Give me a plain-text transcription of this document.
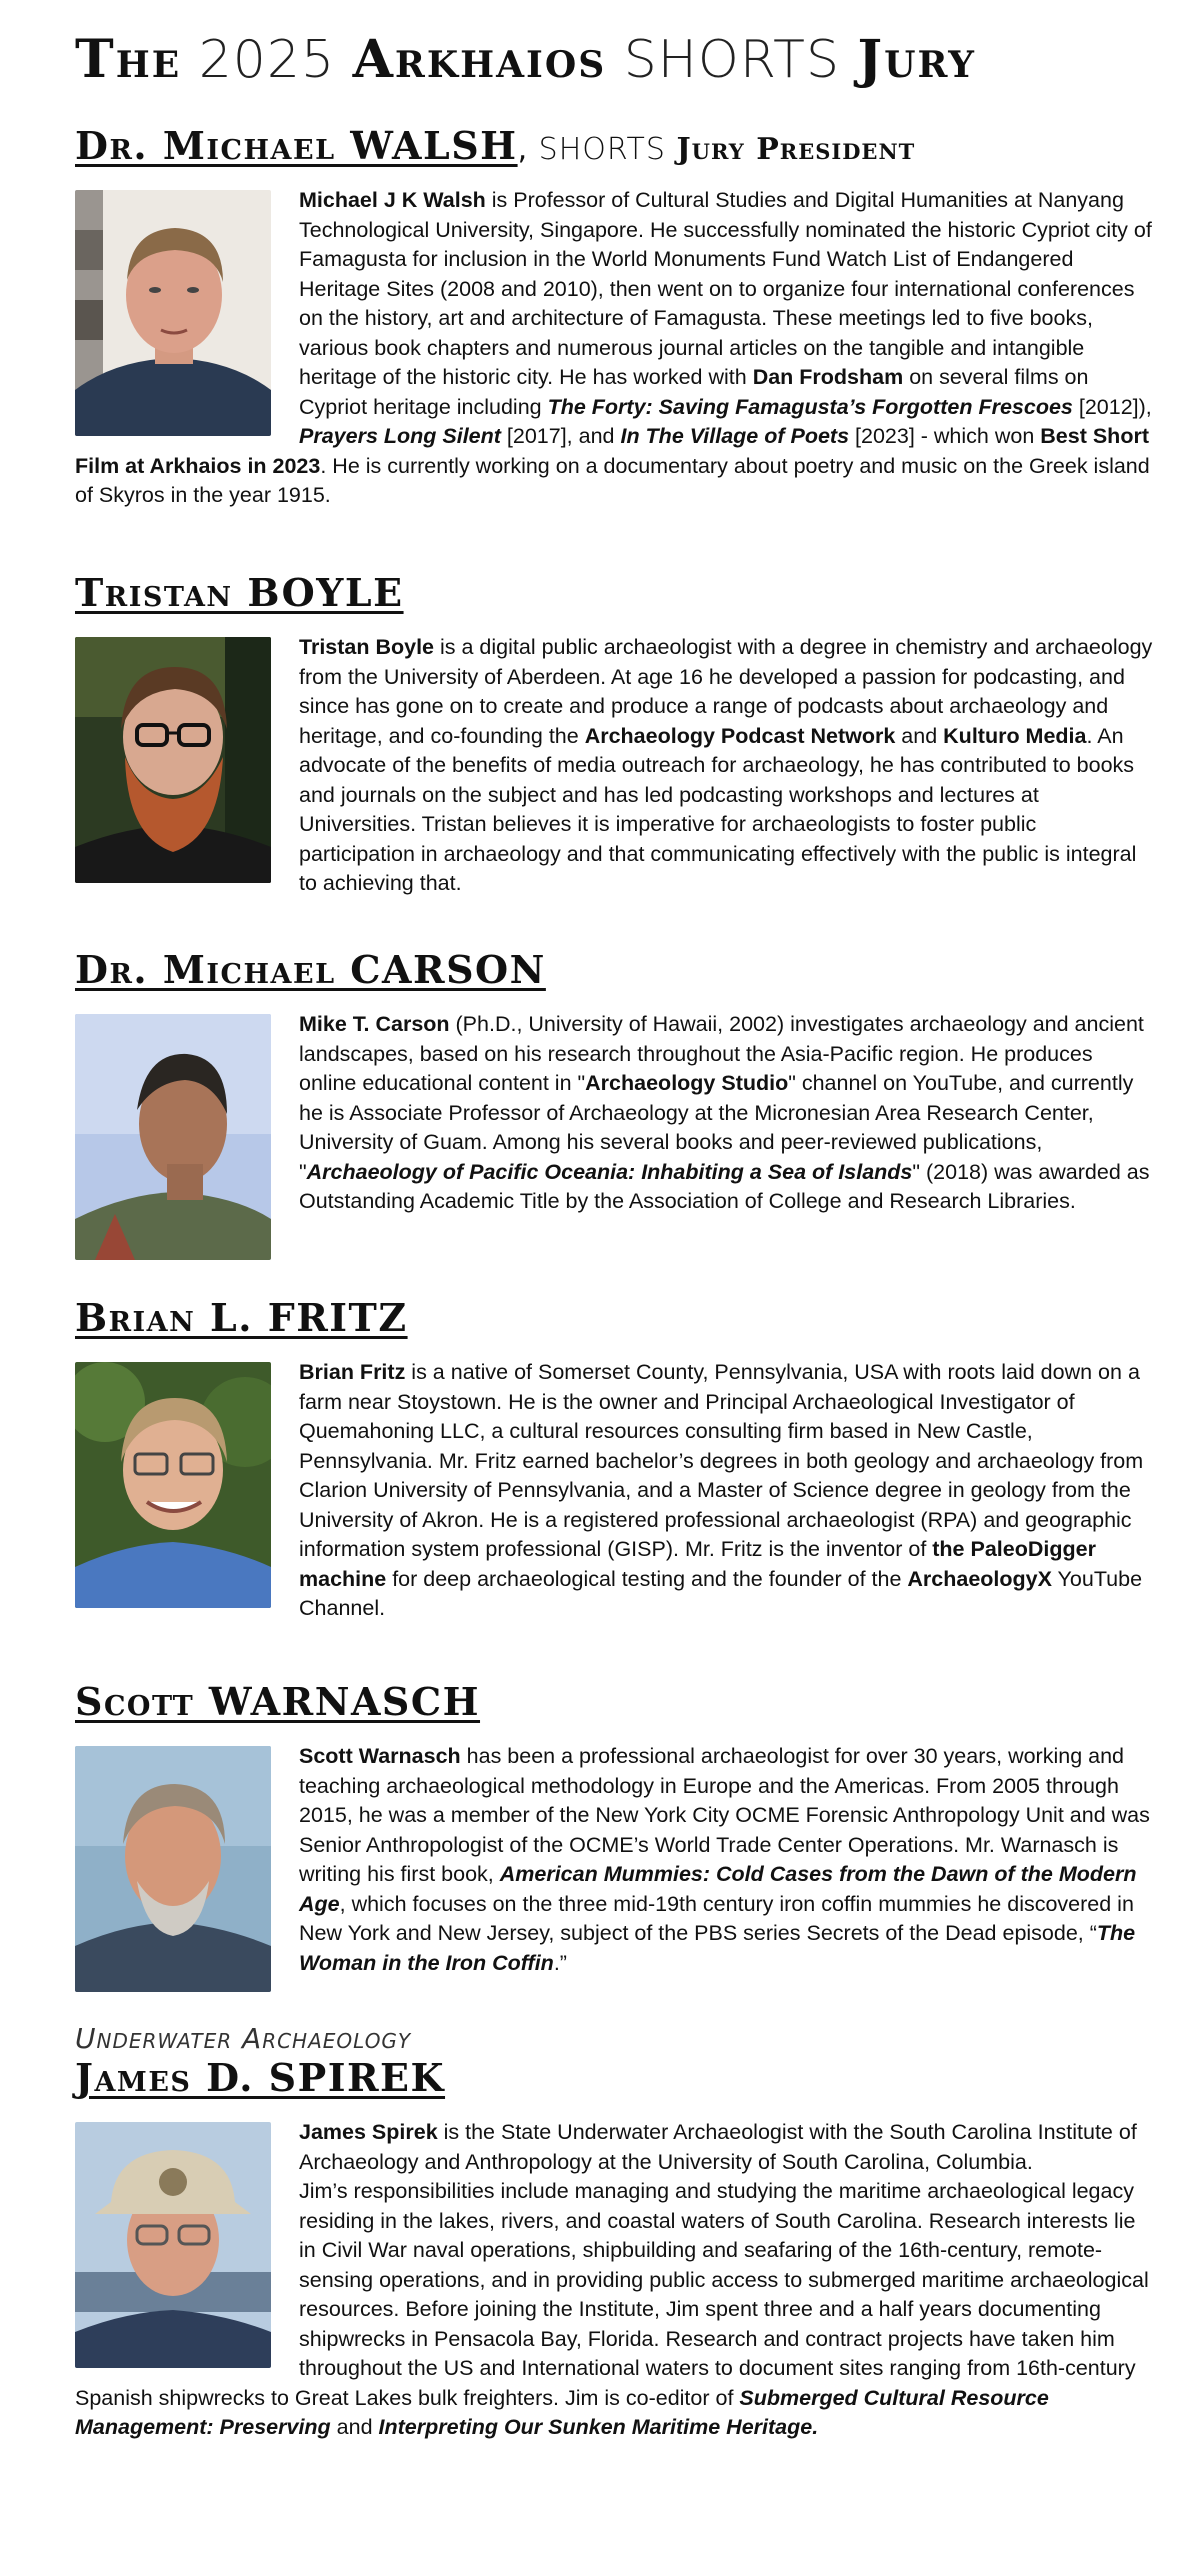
The 2025 Arkhaios SHORTS Jury
Dr. Michael WALSH, SHORTS Jury President
Michael J K Walsh is Professor of Cultural Studies and Digital Humanities at Nanyang Technological University, Singapore. He successfully nominated the historic Cypriot city of Famagusta for inclusion in the World Monuments Fund Watch List of Endangered Heritage Sites (2008 and 2010), then went on to organize four international conferences on the history, art and architecture of Famagusta. These meetings led to five books, various book chapters and numerous journal articles on the tangible and intangible heritage of the historic city. He has worked with Dan Frodsham on several films on Cypriot heritage including The Forty: Saving Famagusta’s Forgotten Frescoes [2012]), Prayers Long Silent [2017], and In The Village of Poets [2023] - which won Best Short Film at Arkhaios in 2023. He is currently working on a documentary about poetry and music on the Greek island of Skyros in the year 1915.
Tristan BOYLE
Tristan Boyle is a digital public archaeologist with a degree in chemistry and archaeology from the University of Aberdeen. At age 16 he developed a passion for podcasting, and since has gone on to create and produce a range of podcasts about archaeology and heritage, and co-founding the Archaeology Podcast Network and Kulturo Media. An advocate of the benefits of media outreach for archaeology, he has contributed to books and journals on the subject and has led podcasting workshops and lectures at Universities. Tristan believes it is imperative for archaeologists to foster public participation in archaeology and that communicating effectively with the public is integral to achieving that.
Dr. Michael CARSON
Mike T. Carson (Ph.D., University of Hawaii, 2002) investigates archaeology and ancient landscapes, based on his research throughout the Asia-Pacific region. He produces online educational content in "Archaeology Studio" channel on YouTube, and currently he is Associate Professor of Archaeology at the Micronesian Area Research Center, University of Guam. Among his several books and peer-reviewed publications, "Archaeology of Pacific Oceania: Inhabiting a Sea of Islands" (2018) was awarded as Outstanding Academic Title by the Association of College and Research Libraries.
Brian L. FRITZ
Brian Fritz is a native of Somerset County, Pennsylvania, USA with roots laid down on a farm near Stoystown. He is the owner and Principal Archaeological Investigator of Quemahoning LLC, a cultural resources consulting firm based in New Castle, Pennsylvania. Mr. Fritz earned bachelor’s degrees in both geology and archaeology from Clarion University of Pennsylvania, and a Master of Science degree in geology from the University of Akron. He is a registered professional archaeologist (RPA) and geographic information system professional (GISP). Mr. Fritz is the inventor of the PaleoDigger machine for deep archaeological testing and the founder of the ArchaeologyX YouTube Channel.
Scott WARNASCH
Scott Warnasch has been a professional archaeologist for over 30 years, working and teaching archaeological methodology in Europe and the Americas. From 2005 through 2015, he was a member of the New York City OCME Forensic Anthropology Unit and was Senior Anthropologist of the OCME’s World Trade Center Operations. Mr. Warnasch is writing his first book, American Mummies: Cold Cases from the Dawn of the Modern Age, which focuses on the three mid-19th century iron coffin mummies he discovered in New York and New Jersey, subject of the PBS series Secrets of the Dead episode, “The Woman in the Iron Coffin.”
Underwater Archaeology
James D. SPIREK
James Spirek is the State Underwater Archaeologist with the South Carolina Institute of Archaeology and Anthropology at the University of South Carolina, Columbia.
Jim’s responsibilities include managing and studying the maritime archaeological legacy residing in the lakes, rivers, and coastal waters of South Carolina. Research interests lie in Civil War naval operations, shipbuilding and seafaring of the 16th-century, remote-sensing operations, and in providing public access to submerged maritime archaeological resources. Before joining the Institute, Jim spent three and a half years documenting shipwrecks in Pensacola Bay, Florida. Research and contract projects have taken him throughout the US and International waters to document sites ranging from 16th-century Spanish shipwrecks to Great Lakes bulk freighters. Jim is co-editor of Submerged Cultural Resource Management: Preserving and Interpreting Our Sunken Maritime Heritage.
